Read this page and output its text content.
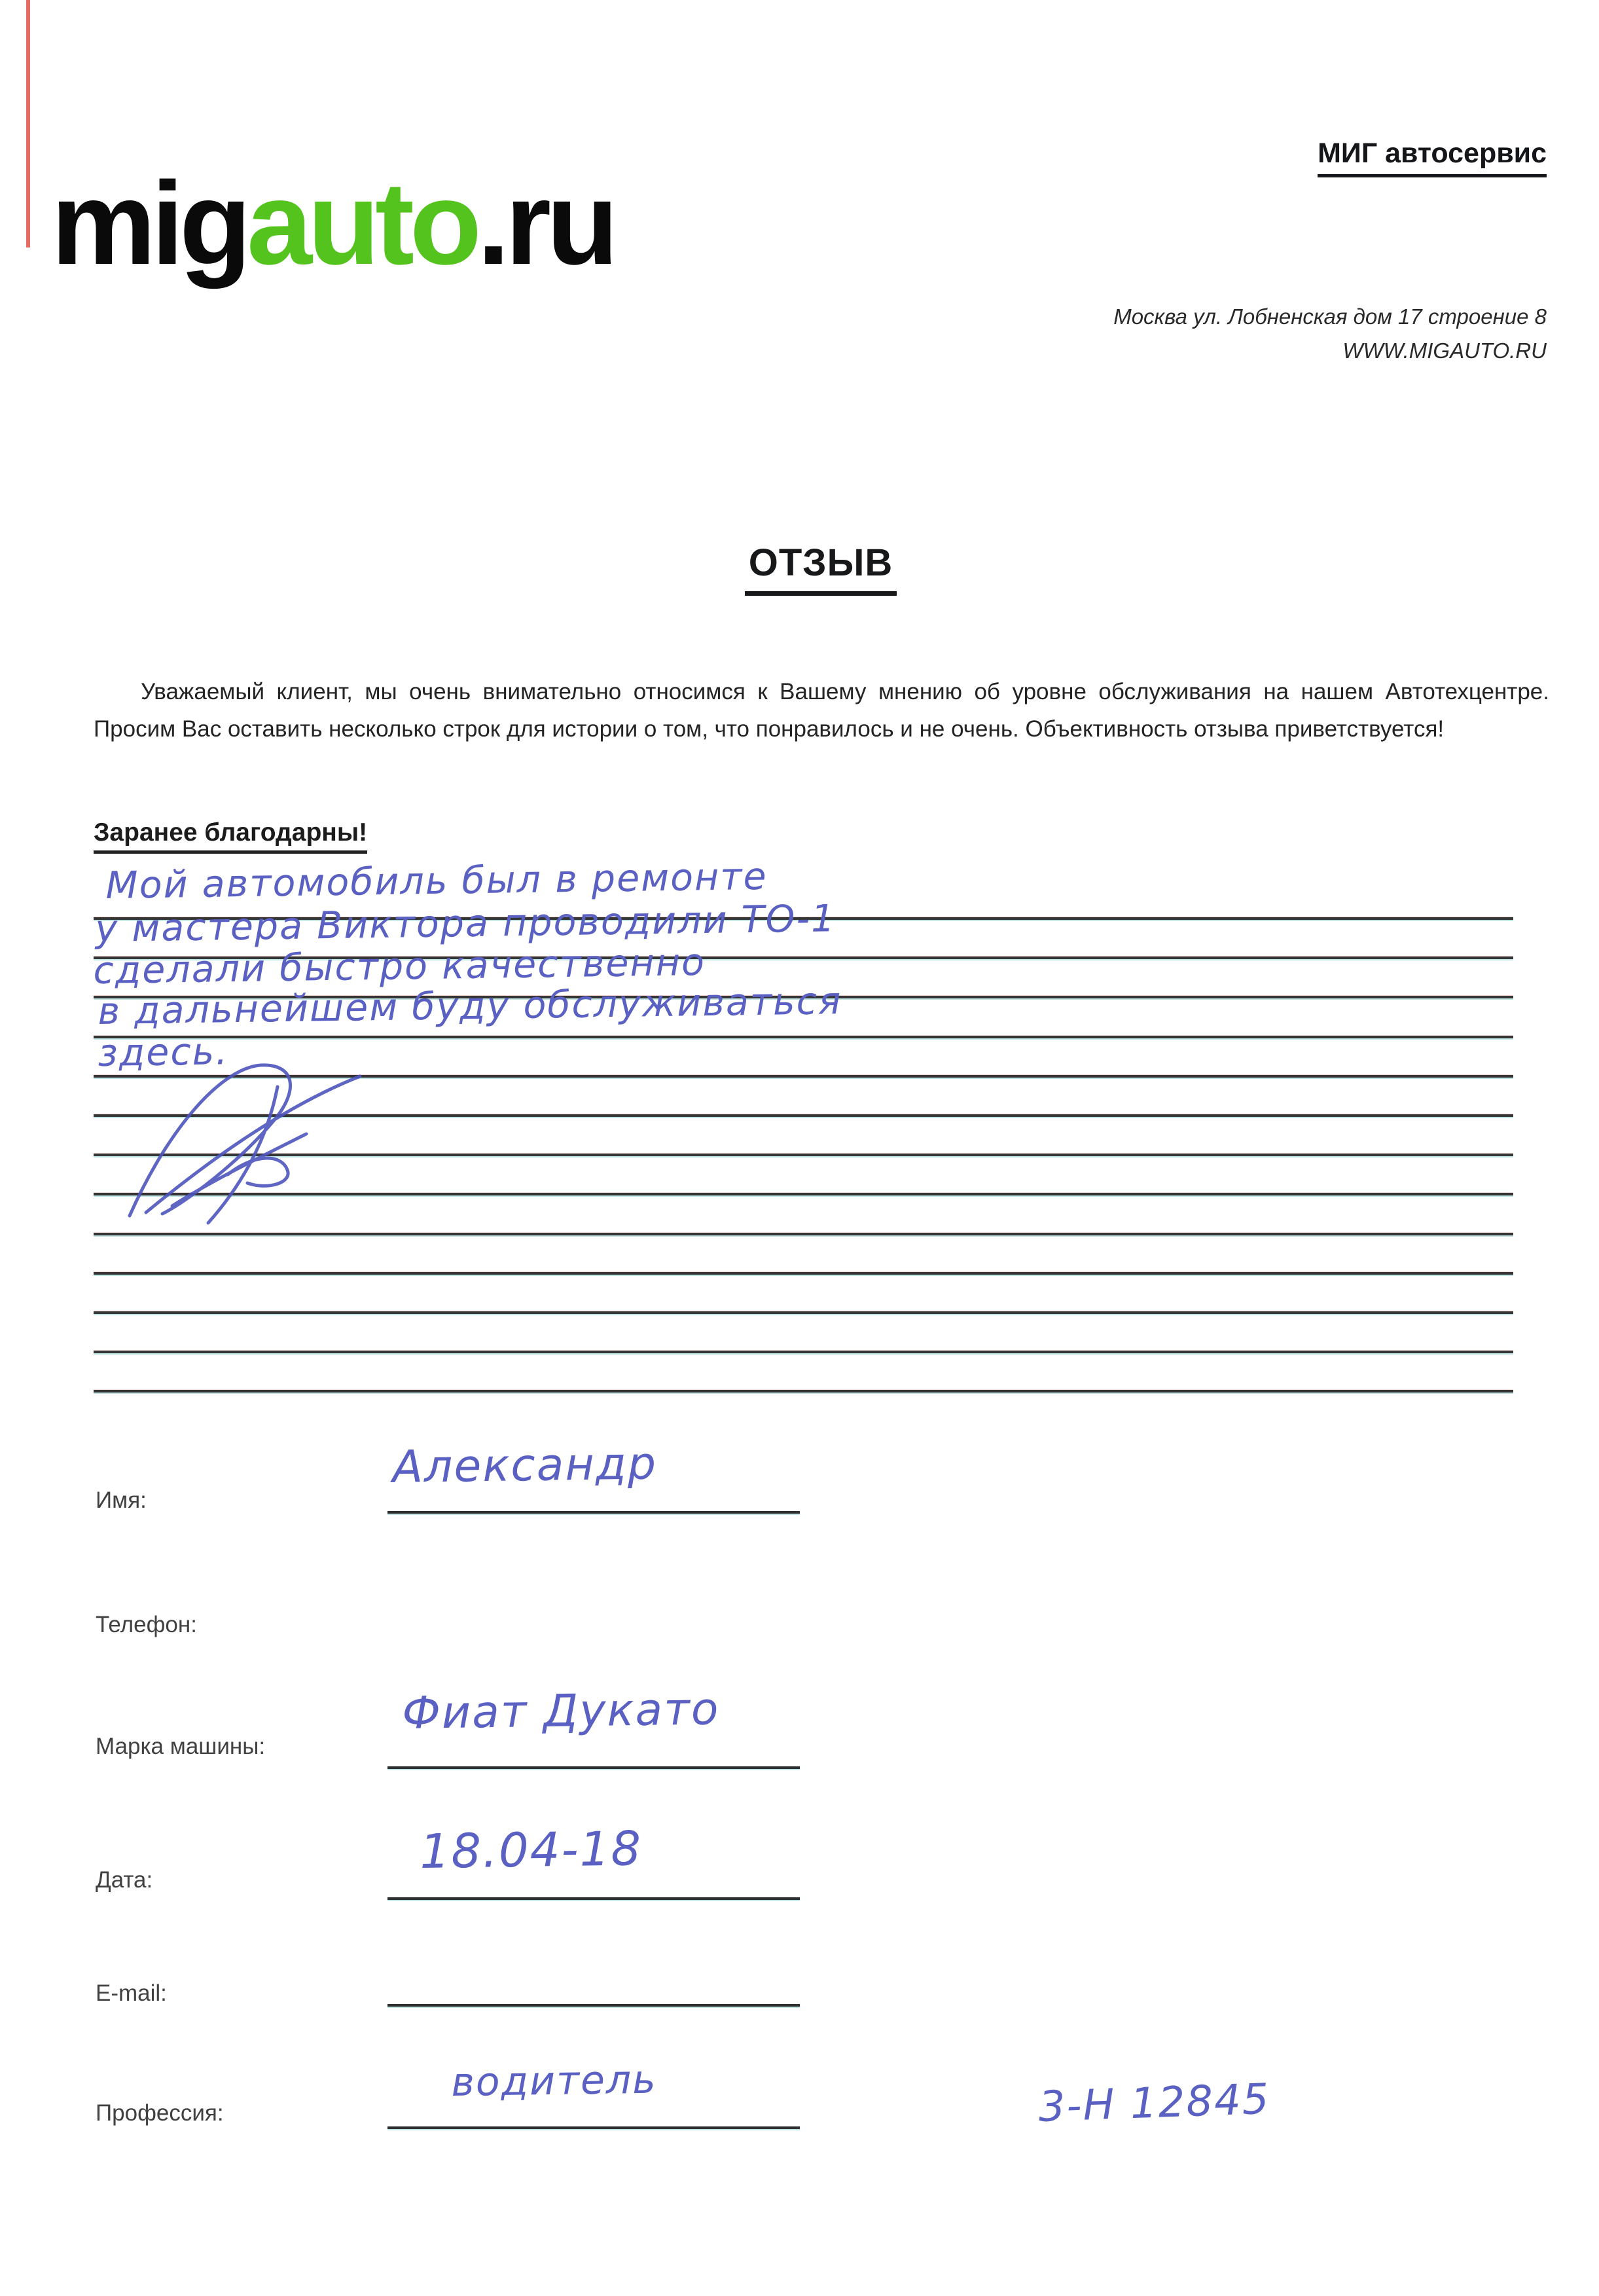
migauto.ru
МИГ автосервис
Москва ул. Лобненская дом 17 строение 8
WWW.MIGAUTO.RU
ОТЗЫВ
Уважаемый клиент, мы очень внимательно относимся к Вашему мнению об уровне обслуживания на нашем Автотехцентре. Просим Вас оставить несколько строк для истории о том, что понравилось и не очень. Объективность отзыва приветствуется!
Заранее благодарны!
Мой автомобиль был в ремонте
у мастера Виктора проводили ТО-1
сделали быстро качественно
в дальнейшем буду обслуживаться
здесь.
Имя:
Александр
Телефон:
Марка машины:
Фиат Дукато
Дата:
18.04-18
E-mail:
Профессия:
водитель	3-Н 12845
